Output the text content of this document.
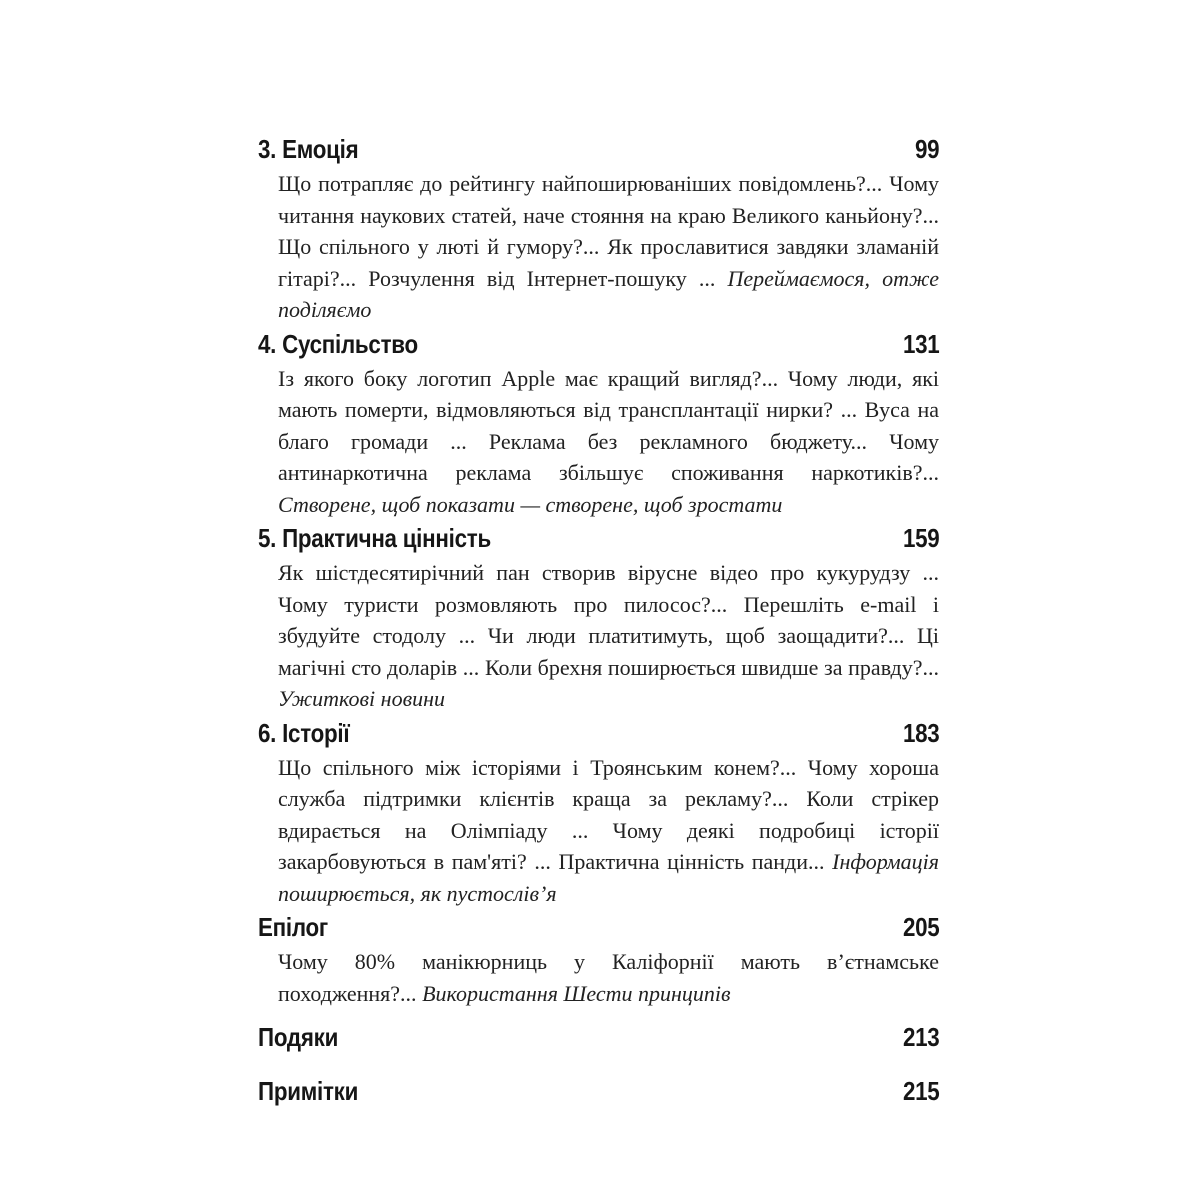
3. Емоція	99

Що потрапляє до рейтингу найпоширюваніших повідомлень?... Чому читання наукових статей, наче стояння на краю Великого каньйону?... Що спільного у люті й гумору?... Як прославитися завдяки зламаній гітарі?... Розчулення від Інтернет-пошуку ... Переймаємося, отже поділяємо

4. Суспільство	131

Із якого боку логотип Apple має кращий вигляд?... Чому люди, які мають померти, відмовляються від трансплантації нирки? ... Вуса на благо громади ... Реклама без рекламного бюджету... Чому антинаркотична реклама збільшує споживання наркотиків?... Створене, щоб показати — створене, щоб зростати

5. Практична цінність	159

Як шістдесятирічний пан створив вірусне відео про кукурудзу ... Чому туристи розмовляють про пилосос?... Перешліть e-mail і збудуйте стодолу ... Чи люди платитимуть, щоб заощадити?... Ці магічні сто доларів ... Коли брехня поширюється швидше за правду?... Ужиткові новини

6. Історії	183

Що спільного між історіями і Троянським конем?... Чому хороша служба підтримки клієнтів краща за рекламу?... Коли стрікер вдирається на Олімпіаду ... Чому деякі подробиці історії закарбовуються в пам'яті? ... Практична цінність панди... Інформація поширюється, як пустослів’я

Епілог	205

Чому 80% манікюрниць у Каліфорнії мають в’єтнамське походження?... Використання Шести принципів

Подяки	213
Примітки	215
